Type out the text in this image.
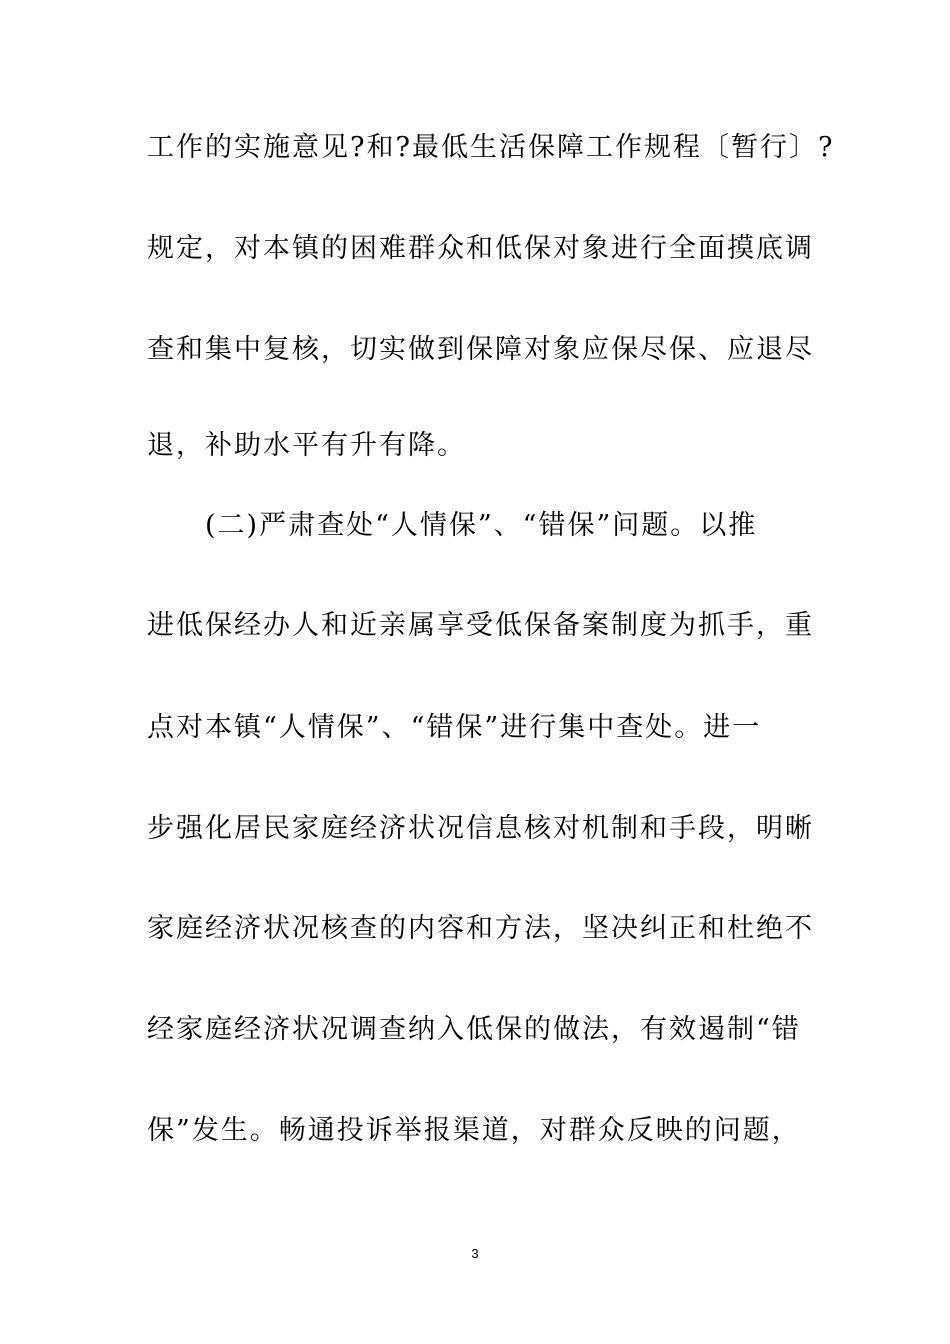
工作的实施意见?和?最低生活保障工作规程〔暂行〕?
规定，对本镇的困难群众和低保对象进行全面摸底调
查和集中复核，切实做到保障对象应保尽保、应退尽
退，补助水平有升有降。
(二)严肃查处“人情保”、“错保”问题。以推
进低保经办人和近亲属享受低保备案制度为抓手，重
点对本镇“人情保”、“错保”进行集中查处。进一
步强化居民家庭经济状况信息核对机制和手段，明晰
家庭经济状况核查的内容和方法，坚决纠正和杜绝不
经家庭经济状况调查纳入低保的做法，有效遏制“错
保”发生。畅通投诉举报渠道，对群众反映的问题，
3
